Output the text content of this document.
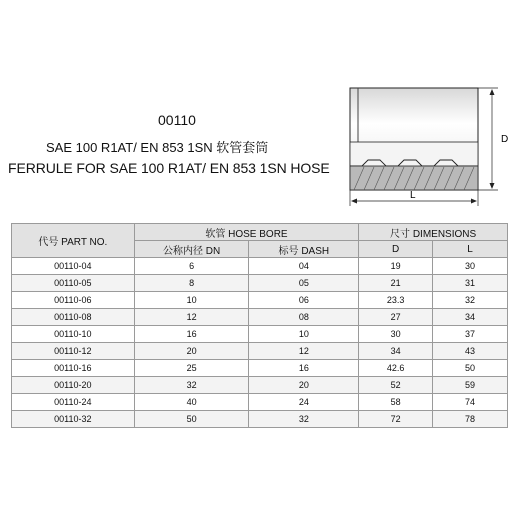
00110
SAE 100 R1AT/ EN 853 1SN 软管套筒
FERRULE FOR SAE 100 R1AT/ EN 853 1SN HOSE
D
L
代号 PART NO.	软管 HOSE BORE		尺寸 DIMENSIONS	
	公称内径 DN	标号 DASH	D	L
00110-04	6	04	19	30
00110-05	8	05	21	31
00110-06	10	06	23.3	32
00110-08	12	08	27	34
00110-10	16	10	30	37
00110-12	20	12	34	43
00110-16	25	16	42.6	50
00110-20	32	20	52	59
00110-24	40	24	58	74
00110-32	50	32	72	78
